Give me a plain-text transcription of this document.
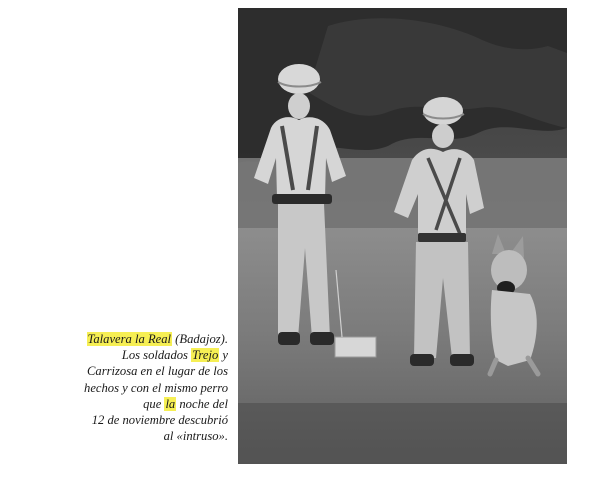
Talavera la Real (Badajoz).
Los soldados Trejo y
Carrizosa en el lugar de los
hechos y con el mismo perro
que la noche del
12 de noviembre descubrió
al «intruso».
